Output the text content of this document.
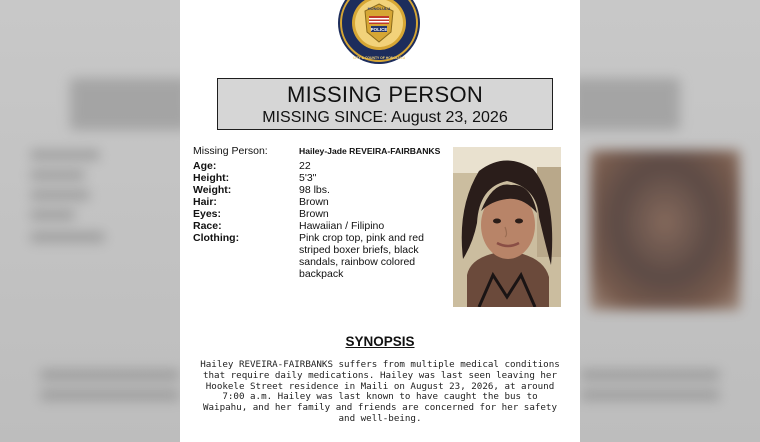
POLICE
HONOLULU
CITY & COUNTY OF HONOLULU
MISSING PERSON
MISSING SINCE: August 23, 2026
Missing Person:	Hailey-Jade REVEIRA-FAIRBANKS
Age:	22
Height:	5'3"
Weight:	98 lbs.
Hair:	Brown
Eyes:	Brown
Race:	Hawaiian / Filipino
Clothing:	Pink crop top, pink and red striped boxer briefs, black sandals, rainbow colored backpack
SYNOPSIS
Hailey REVEIRA-FAIRBANKS suffers from multiple medical conditions that require daily medications. Hailey was last seen leaving her Hookele Street residence in Maili on August 23, 2026, at around 7:00 a.m. Hailey was last known to have caught the bus to Waipahu, and her family and friends are concerned for her safety and well-being.
